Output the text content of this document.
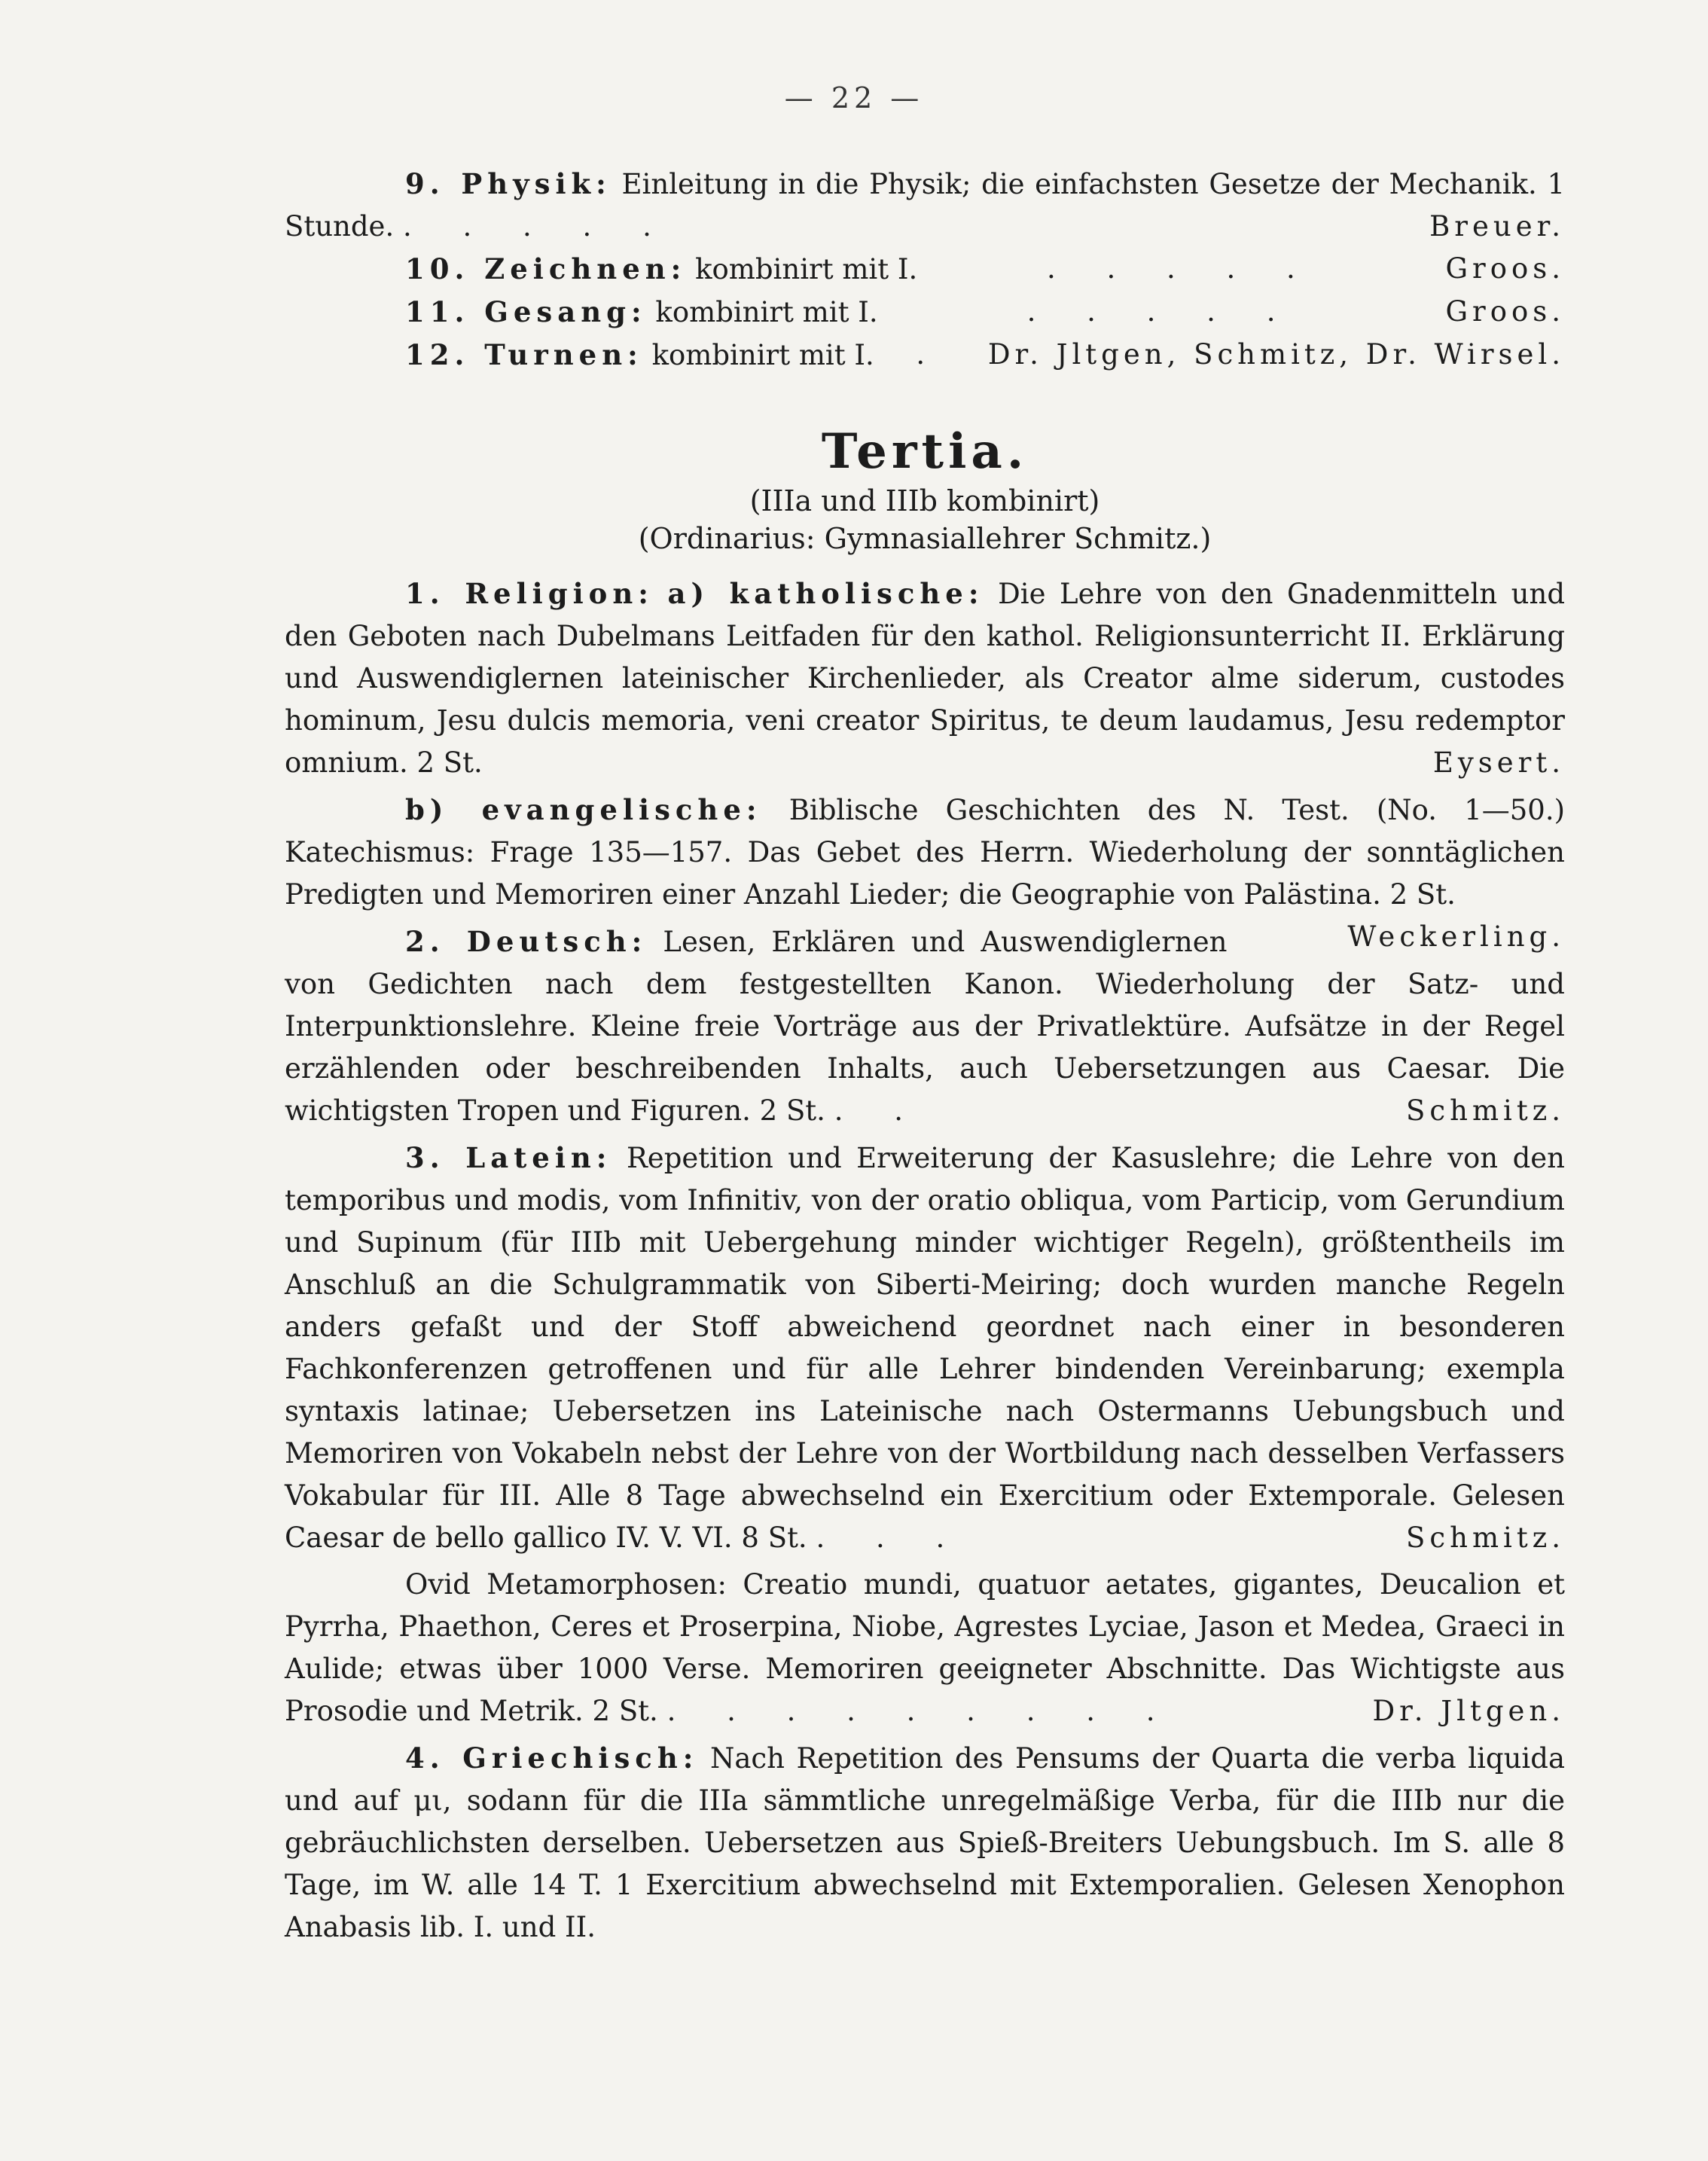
— 22 —

9. Physik: Einleitung in die Physik; die einfachsten Gesetze der Mechanik. 1 Stunde. . . . . .	Breuer.

10. Zeichnen: kombinirt mit I.	. . . . .	Groos.
11. Gesang: kombinirt mit I.	. . . . .	Groos.
12. Turnen: kombinirt mit I. . Dr. Jltgen, Schmitz, Dr. Wirsel.
Tertia.
(IIIa und IIIb kombinirt)
(Ordinarius: Gymnasiallehrer Schmitz.)

1. Religion: a) katholische: Die Lehre von den Gnadenmitteln und den Geboten nach Dubelmans Leitfaden für den kathol. Religionsunterricht II. Erklärung und Auswendiglernen lateinischer Kirchenlieder, als Creator alme siderum, custodes hominum, Jesu dulcis memoria, veni creator Spiritus, te deum laudamus, Jesu redemptor omnium. 2 St.	Eysert.

b) evangelische: Biblische Geschichten des N. Test. (No. 1—50.) Katechismus: Frage 135—157. Das Gebet des Herrn. Wiederholung der sonntäglichen Predigten und Memoriren einer Anzahl Lieder; die Geographie von Palästina. 2 St.
Weckerling.

2. Deutsch: Lesen, Erklären und Auswendiglernen von Gedichten nach dem festgestellten Kanon. Wiederholung der Satz- und Interpunktionslehre. Kleine freie Vorträge aus der Privatlektüre. Aufsätze in der Regel erzählenden oder beschreibenden Inhalts, auch Uebersetzungen aus Caesar. Die wichtigsten Tropen und Figuren. 2 St. . .	Schmitz.

3. Latein: Repetition und Erweiterung der Kasuslehre; die Lehre von den temporibus und modis, vom Infinitiv, von der oratio obliqua, vom Particip, vom Gerundium und Supinum (für IIIb mit Uebergehung minder wichtiger Regeln), größtentheils im Anschluß an die Schulgrammatik von Siberti-Meiring; doch wurden manche Regeln anders gefaßt und der Stoff abweichend geordnet nach einer in besonderen Fachkonferenzen getroffenen und für alle Lehrer bindenden Vereinbarung; exempla syntaxis latinae; Uebersetzen ins Lateinische nach Ostermanns Uebungsbuch und Memoriren von Vokabeln nebst der Lehre von der Wortbildung nach desselben Verfassers Vokabular für III. Alle 8 Tage abwechselnd ein Exercitium oder Extemporale. Gelesen Caesar de bello gallico IV. V. VI. 8 St. . . .	Schmitz.

Ovid Metamorphosen: Creatio mundi, quatuor aetates, gigantes, Deucalion et Pyrrha, Phaethon, Ceres et Proserpina, Niobe, Agrestes Lyciae, Jason et Medea, Graeci in Aulide; etwas über 1000 Verse. Memoriren geeigneter Abschnitte. Das Wichtigste aus Prosodie und Metrik. 2 St. . . . . . . . . .	Dr. Jltgen.

4. Griechisch: Nach Repetition des Pensums der Quarta die verba liquida und auf μι, sodann für die IIIa sämmtliche unregelmäßige Verba, für die IIIb nur die gebräuchlichsten derselben. Uebersetzen aus Spieß-Breiters Uebungsbuch. Im S. alle 8 Tage, im W. alle 14 T. 1 Exercitium abwechselnd mit Extemporalien. Gelesen Xenophon Anabasis lib. I. und II.
